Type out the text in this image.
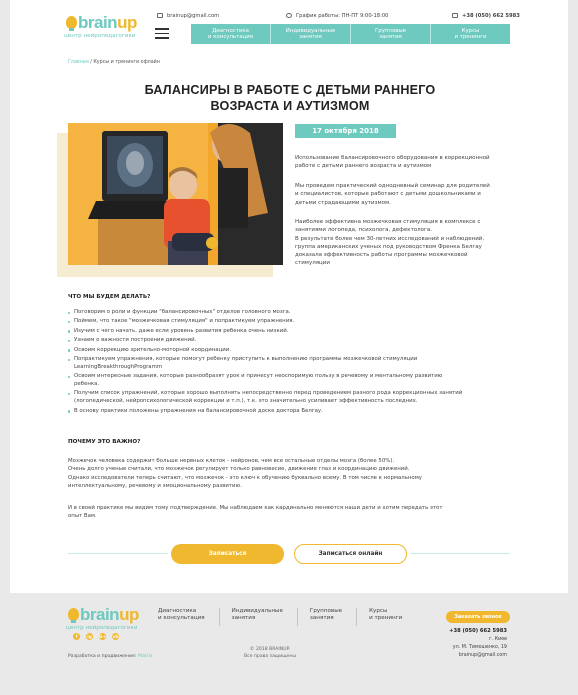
brainup
центр нейропедагогики
brainup@gmail.com	График работы: ПН-ПТ 9:00-18:00	+38 (050) 662 5983
Диагностика
и консультация
Индивидуальные
занятия
Групповые
занятия
Курсы
и тренинги
Главная / Курсы и тренинги офлайн
БАЛАНСИРЫ В РАБОТЕ С ДЕТЬМИ РАННЕГО
ВОЗРАСТА И АУТИЗМОМ
17 октября 2018

Использование балансировочного оборудования в коррекционной
работе с детьми раннего возраста и аутизмом

Мы проведем практический однодневный семинар для родителей
и специалистов, которые работают с детьми дошкольниками и
детьми страдающими аутизмом.

Наиболее эффективна мозжечковая стимуляция в комплексе с
занятиями логопеда, психолога, дефектолога.
В результате более чем 30-летних исследований и наблюдений,
группа американских ученых под руководством Френка Белгау
доказала эффективность работы программы мозжечковой
стимуляции

ЧТО МЫ БУДЕМ ДЕЛАТЬ?
Поговорим о роли и функции "балансировочных" отделов головного мозга.
Поймем, что такое "мозжечковая стимуляция" и попрактикуем упражнения.
Изучим с чего начать, даже если уровень развития ребенка очень низкий.
Узнаем о важности построения движений.
Освоим коррекцию зрительно-моторной координации.
Попрактикуем упражнения, которые помогут ребенку приступить к выполнению программы мозжечковой стимуляции
LearningBreakthroughProgramm
Освоим интересные задания, которые разнообразят урок и принесут неоспоримую пользу в речевому и ментальному развитию
ребенка.
Получим список упражнений, которые хорошо выполнять непосредственно перед проведением разного рода коррекционных занятий
(логопедической, нейропсихологической коррекции и т.п.), т.к. это значительно усиливает эффективность последних.
В основу практики положены упражнения на балансировочной доске доктора Белгау.
ПОЧЕМУ ЭТО ВАЖНО?

Мозжечок человека содержит больше нервных клеток - нейронов, чем все остальные отделы мозга (более 50%).
Очень долго ученые считали, что мозжечок регулирует только равновесие, движение глаз и координацию движений.
Однако исследователи теперь считают, что мозжечок - это ключ к обучению буквально всему. В том числе к нормальному
интеллектуальному, речевому и эмоциональному развитию.

И в своей практике мы видим тому подтверждение. Мы наблюдаем как кардинально меняются наши дети и хотим передать этот
опыт Вам.

Записаться	Записаться онлайн
brainup
центр нейропедагогики
f	ig	G+ vb
Разработка и продвижение: Matrix
Диагностика
и консультация
Индивидуальные
занятия
Групповые
занятия
Курсы
и тренинги
© 2018 BRAINUP.
Все права защищены
Заказать звонок
+38 (050) 662 5983
г. Киев
ул. М. Тимошенко, 19
brainup@gmail.com
